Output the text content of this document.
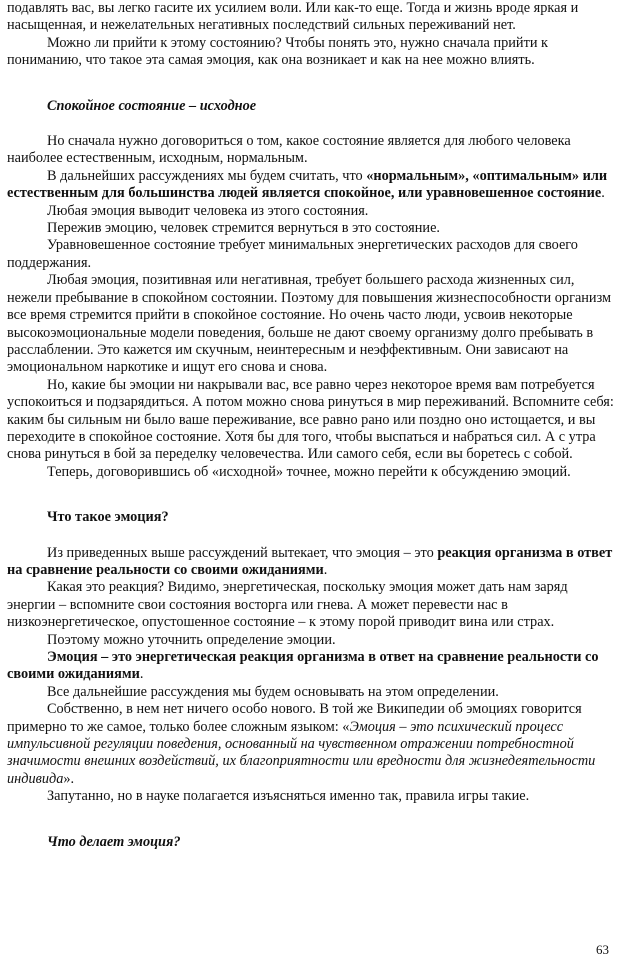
подавлять вас, вы легко гасите их усилием воли. Или как-то еще. Тогда и жизнь вроде яркая и насыщенная, и нежелательных негативных последствий сильных переживаний нет.

Можно ли прийти к этому состоянию? Чтобы понять это, нужно сначала прийти к пониманию, что такое эта самая эмоция, как она возникает и как на нее можно влиять.

Спокойное состояние – исходное

Но сначала нужно договориться о том, какое состояние является для любого человека наиболее естественным, исходным, нормальным.

В дальнейших рассуждениях мы будем считать, что «нормальным», «оптимальным» или естественным для большинства людей является спокойное, или уравновешенное состояние.

Любая эмоция выводит человека из этого состояния.

Пережив эмоцию, человек стремится вернуться в это состояние.

Уравновешенное состояние требует минимальных энергетических расходов для своего поддержания.

Любая эмоция, позитивная или негативная, требует большего расхода жизненных сил, нежели пребывание в спокойном состоянии. Поэтому для повышения жизнеспособности организм все время стремится прийти в спокойное состояние. Но очень часто люди, усвоив некоторые высокоэмоциональные модели поведения, больше не дают своему организму долго пребывать в расслаблении. Это кажется им скучным, неинтересным и неэффективным. Они зависают на эмоциональном наркотике и ищут его снова и снова.

Но, какие бы эмоции ни накрывали вас, все равно через некоторое время вам потребуется успокоиться и подзарядиться. А потом можно снова ринуться в мир переживаний. Вспомните себя: каким бы сильным ни было ваше переживание, все равно рано или поздно оно истощается, и вы переходите в спокойное состояние. Хотя бы для того, чтобы выспаться и набраться сил. А с утра снова ринуться в бой за переделку человечества. Или самого себя, если вы боретесь с собой.

Теперь, договорившись об «исходной» точнее, можно перейти к обсуждению эмоций.

Что такое эмоция?

Из приведенных выше рассуждений вытекает, что эмоция – это реакция организма в ответ на сравнение реальности со своими ожиданиями.

Какая это реакция? Видимо, энергетическая, поскольку эмоция может дать нам заряд энергии – вспомните свои состояния восторга или гнева. А может перевести нас в низкоэнергетическое, опустошенное состояние – к этому порой приводит вина или страх.

Поэтому можно уточнить определение эмоции.

Эмоция – это энергетическая реакция организма в ответ на сравнение реальности со своими ожиданиями.

Все дальнейшие рассуждения мы будем основывать на этом определении.

Собственно, в нем нет ничего особо нового. В той же Википедии об эмоциях говорится примерно то же самое, только более сложным языком: «Эмоция – это психический процесс импульсивной регуляции поведения, основанный на чувственном отражении потребностной значимости внешних воздействий, их благоприятности или вредности для жизнедеятельности индивида».

Запутанно, но в науке полагается изъясняться именно так, правила игры такие.

Что делает эмоция?

63
